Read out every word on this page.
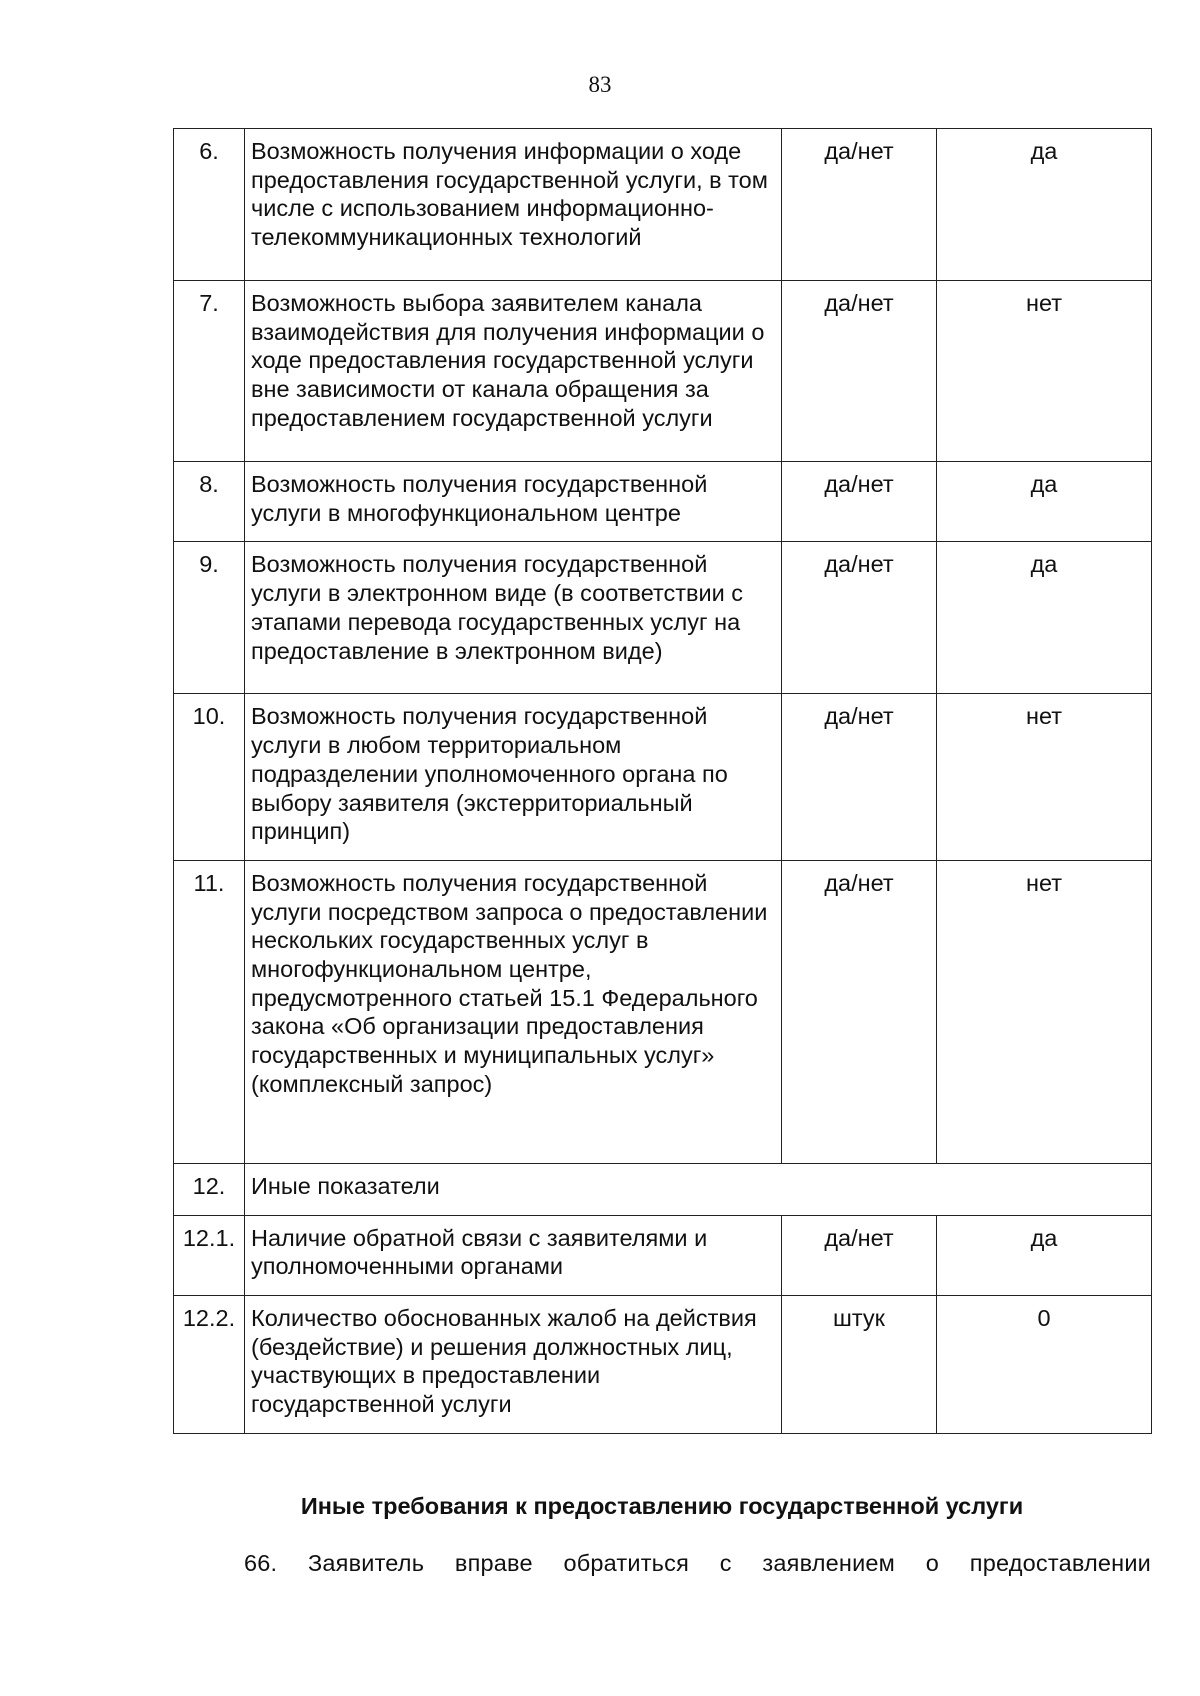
83
6.	Возможность получения информации о ходе предоставления государственной услуги, в том числе с использованием информационно-телекоммуникационных технологий	да/нет	да
7.	Возможность выбора заявителем канала взаимодействия для получения информации о ходе предоставления государственной услуги вне зависимости от канала обращения за предоставлением государственной услуги	да/нет	нет
8.	Возможность получения государственной услуги в многофункциональном центре	да/нет	да
9.	Возможность получения государственной услуги в электронном виде (в соответствии с этапами перевода государственных услуг на предоставление в электронном виде)	да/нет	да
10.	Возможность получения государственной услуги в любом территориальном подразделении уполномоченного органа по выбору заявителя (экстерриториальный принцип)	да/нет	нет
11.	Возможность получения государственной услуги посредством запроса о предоставлении нескольких государственных услуг в многофункциональном центре, предусмотренного статьей 15.1 Федерального закона «Об организации предоставления государственных и муниципальных услуг» (комплексный запрос)	да/нет	нет
12.	Иные показатели		
12.1.	Наличие обратной связи с заявителями и уполномоченными органами	да/нет	да
12.2.	Количество обоснованных жалоб на действия (бездействие) и решения должностных лиц, участвующих в предоставлении государственной услуги	штук	0
Иные требования к предоставлению государственной услуги
66. Заявитель вправе обратиться с заявлением о предоставлении
